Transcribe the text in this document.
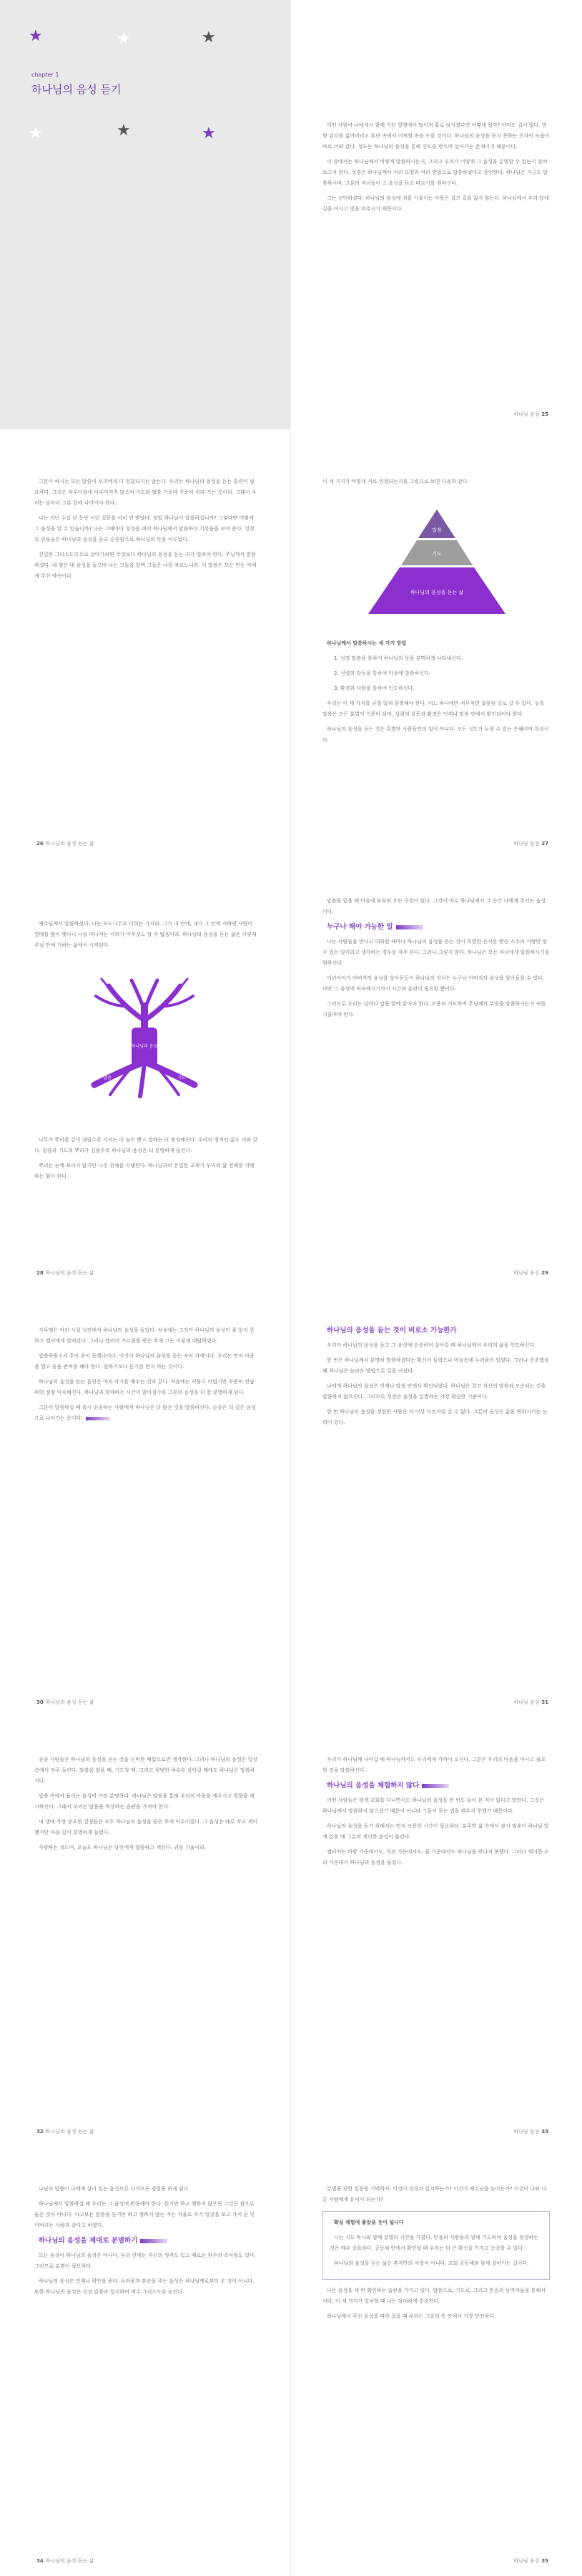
★	★	★
chapter 1
하나님의 음성 듣기
★	★	★	어떤 사람이 나에게서 함께 가던 일행에서 떨어져 홀로 남겨졌다면 어떻게 될까? 아마도 길이 없다. 방향 감각을 잃어버리고 혼란 속에서 어찌할 바를 모를 것이다. 하나님의 음성을 듣지 못하는 신자의 모습이 바로 이와 같다. 성도는 하나님의 음성을 통해 인도를 받으며 살아가는 존재이기 때문이다.

이 장에서는 하나님께서 어떻게 말씀하시는지, 그리고 우리가 어떻게 그 음성을 분별할 수 있는지 살펴보고자 한다. 성경은 하나님께서 여러 모양과 여러 방법으로 말씀하셨다고 증언한다. 하나님은 지금도 말씀하시며, 그분의 자녀들이 그 음성을 듣고 따르기를 원하신다.

그는 선언하셨다. 하나님의 음성에 귀를 기울이는 사람은 결코 길을 잃지 않는다. 하나님께서 우리 앞에 길을 여시고 빛을 비추시기 때문이다.

하나님 음성 25

그분이 하시는 모든 말씀이 우리에게 다 전달되지는 않는다. 우리는 하나님의 음성을 듣는 훈련이 필요하다. 그것은 하루아침에 이루어지지 않으며 기도와 말씀 가운데 꾸준히 자라 가는 것이다. 그래서 우리는 날마다 그분 앞에 나아가야 한다.

나는 지난 수십 년 동안 이런 질문을 여러 번 받았다. 정말 하나님이 말씀하십니까? 그렇다면 어떻게 그 음성을 알 수 있습니까? 나는 그때마다 성경을 펴서 하나님께서 말씀하신 기록들을 보여 준다. 성경 속 인물들은 하나님의 음성을 듣고 순종함으로 하나님의 뜻을 이루었다.

친밀한 그리스도인으로 살아가려면 무엇보다 하나님의 음성을 듣는 귀가 열려야 한다. 주님께서 말씀하셨다. 내 양은 내 음성을 들으며 나는 그들을 알며 그들은 나를 따르느니라. 이 말씀은 모든 믿는 자에게 주신 약속이다.

26 하나님의 음성 듣는 삶

이 세 가지가 어떻게 서로 연결되는지를 그림으로 보면 다음과 같다.

말씀
기도
하나님의 음성을 듣는 삶

하나님께서 말씀하시는 세 가지 방법

1. 성경 말씀을 통하여 하나님의 뜻을 분명하게 나타내신다.

2. 성령의 감동을 통하여 마음에 말씀하신다.

3. 환경과 사람을 통하여 인도하신다.

우리는 이 세 가지를 균형 있게 분별해야 한다. 어느 하나에만 치우치면 잘못된 길로 갈 수 있다. 성경 말씀은 모든 분별의 기준이 되며, 성령의 감동과 환경은 언제나 말씀 안에서 확인되어야 한다.

하나님의 음성을 듣는 것은 특별한 사람들만의 일이 아니다. 모든 성도가 누릴 수 있는 은혜이며 특권이다.

하나님 음성 27

예수님께서 말씀하셨다. 나는 포도나무요 너희는 가지라. 그가 내 안에, 내가 그 안에 거하면 사람이 열매를 많이 맺나니 나를 떠나서는 너희가 아무것도 할 수 없음이라. 하나님의 음성을 듣는 삶은 이렇게 주님 안에 거하는 삶에서 시작된다.

하나님의 음성
말씀	기도

나무가 뿌리를 깊이 내릴수록 가지는 더 높이 뻗고 열매는 더 풍성해진다. 우리의 영적인 삶도 이와 같다. 말씀과 기도의 뿌리가 깊을수록 하나님의 음성은 더 분명하게 들린다.

뿌리는 눈에 보이지 않지만 나무 전체를 지탱한다. 하나님과의 은밀한 교제가 우리의 삶 전체를 지탱하는 힘이 된다.

28 하나님의 음성 듣는 삶

말씀을 읽을 때 마음에 부딪혀 오는 구절이 있다. 그것이 바로 하나님께서 그 순간 나에게 주시는 음성이다.

누구나 해야 가능한 일

나는 사람들을 만나고 대화할 때마다 하나님의 음성을 듣는 것이 특별한 은사를 받은 소수의 사람만 할 수 있는 일이라고 생각하는 경우를 자주 본다. 그러나 그렇지 않다. 하나님은 모든 자녀에게 말씀하시기를 원하신다.

어린아이가 아버지의 음성을 알아듣듯이 하나님의 자녀는 누구나 아버지의 음성을 알아들을 수 있다. 다만 그 음성에 익숙해지기까지 시간과 훈련이 필요할 뿐이다.

그러므로 우리는 날마다 말씀 앞에 앉아야 한다. 조용히 기도하며 주님께서 무엇을 말씀하시는지 귀를 기울여야 한다.

하나님 음성 29

사무엘은 어린 시절 성전에서 하나님의 음성을 들었다. 처음에는 그것이 하나님의 음성인 줄 알지 못하고 엘리에게 달려갔다. 그러나 엘리의 가르침을 받은 후에 그는 이렇게 대답하였다.

말씀하옵소서 주의 종이 듣겠나이다. 이것이 하나님의 음성을 듣는 자의 자세이다. 우리는 먼저 마음을 열고 들을 준비를 해야 한다. 말하기보다 듣기를 먼저 하는 것이다.

하나님의 음성을 듣는 훈련은 마치 악기를 배우는 것과 같다. 처음에는 서툴고 어렵지만 꾸준히 연습하면 점점 익숙해진다. 하나님과 함께하는 시간이 많아질수록 그분의 음성을 더 잘 분별하게 된다.

그분이 말씀하실 때 즉시 순종하는 사람에게 하나님은 더 많은 것을 말씀하신다. 순종은 더 깊은 음성으로 나아가는 문이다.

30 하나님의 음성 듣는 삶

하나님의 음성을 듣는 것이 비로소 가능한가

우리가 하나님의 음성을 듣고 그 음성에 순종하며 살아갈 때 하나님께서 우리의 삶을 인도하신다.

한 번은 하나님께서 분명히 말씀하셨다는 확신이 들었으나 마음속에 두려움이 있었다. 그러나 순종했을 때 하나님은 놀라운 방법으로 길을 여셨다.

나에게 하나님의 음성은 언제나 말씀 안에서 확인되었다. 하나님은 결코 자신의 말씀과 모순되는 것을 말씀하지 않으신다. 그러므로 성경은 음성을 분별하는 가장 확실한 기준이다.

한 번 하나님의 음성을 경험한 사람은 더 이상 이전처럼 살 수 없다. 그분의 음성은 삶을 변화시키는 능력이 있다.

하나님 음성 31

종종 사람들은 하나님의 음성을 듣는 것을 신비한 체험으로만 생각한다. 그러나 하나님의 음성은 일상 속에서 자주 들린다. 말씀을 읽을 때, 기도할 때, 그리고 평범한 하루를 살아갈 때에도 하나님은 말씀하신다.

말씀 속에서 들리는 음성이 가장 분명하다. 하나님은 말씀을 통해 우리의 마음을 깨우시고 방향을 제시하신다. 그래서 우리는 말씀을 묵상하는 습관을 가져야 한다.

내 생애 가장 중요한 결정들은 모두 하나님의 음성을 들은 후에 이루어졌다. 그 음성은 때로 작고 세미했지만 마음 깊이 분명하게 들렸다.

사랑하는 성도여, 오늘도 하나님은 당신에게 말씀하고 계신다. 귀를 기울이라.

32 하나님의 음성 듣는 삶

우리가 하나님께 나아갈 때 하나님께서도 우리에게 가까이 오신다. 그분은 우리의 마음을 아시고 필요한 것을 말씀하신다.

하나님의 음성을 체험하지 않다

어떤 사람들은 평생 교회를 다니면서도 하나님의 음성을 한 번도 들어 본 적이 없다고 말한다. 그것은 하나님께서 말씀하지 않으셨기 때문이 아니라 그들이 듣는 법을 배우지 못했기 때문이다.

하나님의 음성을 듣기 위해서는 먼저 조용한 시간이 필요하다. 분주한 삶 속에서 잠시 멈추어 하나님 앞에 앉을 때 그분의 세미한 음성이 들린다.

엘리야는 바람 가운데서도, 지진 가운데서도, 불 가운데서도 하나님을 만나지 못했다. 그러나 세미한 소리 가운데서 하나님의 음성을 들었다.

하나님 음성 33

나님의 말씀이 나에게 살아 있는 음성으로 다가오는 경험을 하게 된다.

하나님께서 말씀하실 때 우리는 그 음성에 반응해야 한다. 듣기만 하고 행하지 않으면 그것은 참으로 들은 것이 아니다. 야고보는 말씀을 듣기만 하고 행하지 않는 자는 거울로 자기 얼굴을 보고 가서 곧 잊어버리는 사람과 같다고 하였다.

하나님의 음성을 제대로 분별하기

모든 음성이 하나님의 음성은 아니다. 우리 안에는 자신의 생각도 있고 때로는 원수의 속삭임도 있다. 그러므로 분별이 필요하다.

하나님의 음성은 언제나 평안을 준다. 두려움과 혼란을 주는 음성은 하나님께로부터 온 것이 아니다. 또한 하나님의 음성은 성경 말씀과 일치하며 예수 그리스도를 높인다.

34 하나님의 음성 듣는 삶

분별을 위한 질문을 기억하자. 이것이 성경과 일치하는가? 이것이 예수님을 높이는가? 이것이 나와 다른 사람에게 유익이 되는가?

확실 체험에 좋았을 듯이 됩니다

나는 지도 목사와 함께 분별의 시간을 가졌다. 믿음의 사람들과 함께 기도하며 음성을 점검하는 것은 매우 중요하다. 공동체 안에서 확인될 때 우리는 더 큰 확신을 가지고 순종할 수 있다.

하나님의 음성을 듣는 삶은 혼자만의 여정이 아니다. 교회 공동체와 함께 걸어가는 길이다.

나는 음성을 세 번 확인하는 습관을 가지고 있다. 말씀으로, 기도로, 그리고 믿음의 동역자들을 통해서이다. 이 세 가지가 일치할 때 나는 담대하게 순종한다.

하나님께서 주신 음성을 따라 걸을 때 우리는 그분의 뜻 안에서 가장 안전하다.

하나님 음성 35
